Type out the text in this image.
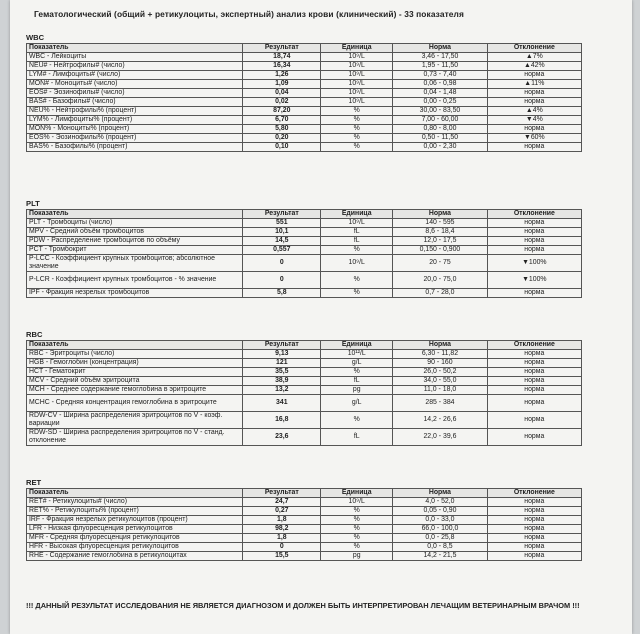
Гематологический (общий + ретикулоциты, экспертный) анализ крови (клинический) - 33 показателя
WBC
Показатель	Результат	Единица	Норма	Отклонение
WBC - Лейкоциты	18,74	10⁹/L	3,46 - 17,50	▲7%
NEU# - Нейтрофилы# (число)	16,34	10⁹/L	1,95 - 11,50	▲42%
LYM# - Лимфоциты# (число)	1,26	10⁹/L	0,73 - 7,40	норма
MON# - Моноциты# (число)	1,09	10⁹/L	0,06 - 0,98	▲11%
EOS# - Эозинофилы# (число)	0,04	10⁹/L	0,04 - 1,48	норма
BAS# - Базофилы# (число)	0,02	10⁹/L	0,00 - 0,25	норма
NEU% - Нейтрофилы% (процент)	87,20	%	30,00 - 83,50	▲4%
LYM% - Лимфоциты% (процент)	6,70	%	7,00 - 60,00	▼4%
MON% - Моноциты% (процент)	5,80	%	0,80 - 8,00	норма
EOS% - Эозинофилы% (процент)	0,20	%	0,50 - 11,50	▼60%
BAS% - Базофилы% (процент)	0,10	%	0,00 - 2,30	норма
PLT
Показатель	Результат	Единица	Норма	Отклонение
PLT - Тромбоциты (число)	551	10⁹/L	140 - 595	норма
MPV - Средний объём тромбоцитов	10,1	fL	8,6 - 18,4	норма
PDW - Распределение тромбоцитов по объёму	14,5	fL	12,0 - 17,5	норма
PCT - Тромбокрит	0,557	%	0,150 - 0,900	норма
P-LCC - Коэффициент крупных тромбоцитов; абсолютное значение	0	10⁹/L	20 - 75	▼100%
P-LCR - Коэффициент крупных тромбоцитов - % значение	0	%	20,0 - 75,0	▼100%
IPF - Фракция незрелых тромбоцитов	5,8	%	0,7 - 28,0	норма
RBC
Показатель	Результат	Единица	Норма	Отклонение
RBC - Эритроциты (число)	9,13	10¹²/L	6,30 - 11,82	норма
HGB - Гемоглобин (концентрация)	121	g/L	90 - 160	норма
HCT - Гематокрит	35,5	%	26,0 - 50,2	норма
MCV - Средний объём эритроцита	38,9	fL	34,0 - 55,0	норма
MCH - Среднее содержание гемоглобина в эритроците	13,2	pg	11,0 - 18,0	норма
MCHC - Средняя концентрация гемоглобина в эритроците	341	g/L	285 - 384	норма
RDW-CV - Ширина распределения эритроцитов по V - коэф. вариации	16,8	%	14,2 - 26,6	норма
RDW-SD - Ширина распределения эритроцитов по V - станд. отклонение	23,6	fL	22,0 - 39,6	норма
RET
Показатель	Результат	Единица	Норма	Отклонение
RET# - Ретикулоциты# (число)	24,7	10⁹/L	4,0 - 52,0	норма
RET% - Ретикулоциты% (процент)	0,27	%	0,05 - 0,90	норма
IRF - Фракция незрелых ретикулоцитов (процент)	1,8	%	0,0 - 33,0	норма
LFR - Низкая флуоресценция ретикулоцитов	98,2	%	66,0 - 100,0	норма
MFR - Средняя флуоресценция ретикулоцитов	1,8	%	0,0 - 25,8	норма
HFR - Высокая флуоресценция ретикулоцитов	0	%	0,0 - 8,5	норма
RHE - Содержание гемоглобина в ретикулоцитах	15,5	pg	14,2 - 21,5	норма
!!! ДАННЫЙ РЕЗУЛЬТАТ ИССЛЕДОВАНИЯ НЕ ЯВЛЯЕТСЯ ДИАГНОЗОМ И ДОЛЖЕН БЫТЬ ИНТЕРПРЕТИРОВАН ЛЕЧАЩИМ ВЕТЕРИНАРНЫМ ВРАЧОМ !!!
